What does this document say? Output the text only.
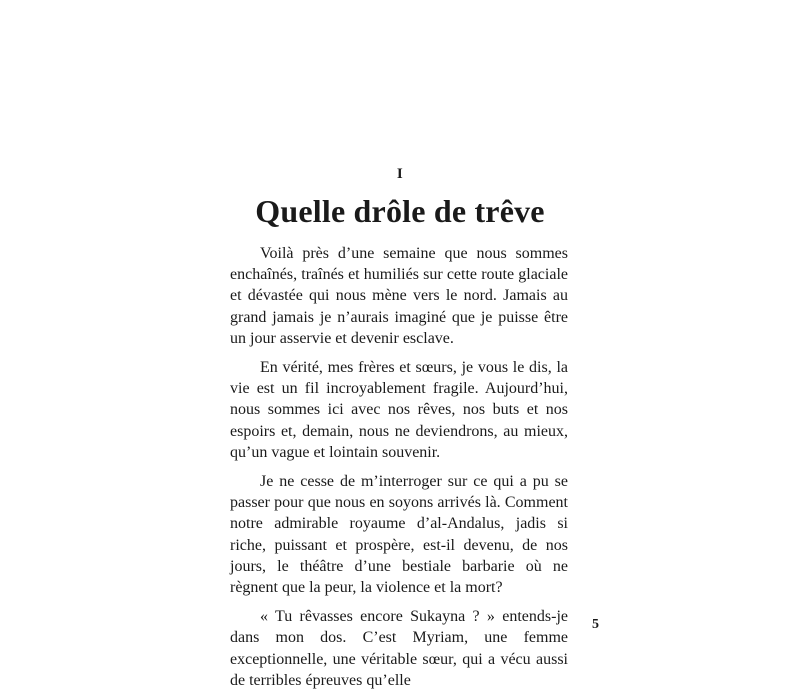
I
Quelle drôle de trêve

Voilà près d’une semaine que nous sommes enchaînés, traînés et humiliés sur cette route glaciale et dévastée qui nous mène vers le nord. Jamais au grand jamais je n’aurais imaginé que je puisse être un jour asservie et devenir esclave.

En vérité, mes frères et sœurs, je vous le dis, la vie est un fil incroyablement fragile. Aujourd’hui, nous sommes ici avec nos rêves, nos buts et nos espoirs et, demain, nous ne deviendrons, au mieux, qu’un vague et lointain souvenir.

Je ne cesse de m’interroger sur ce qui a pu se passer pour que nous en soyons arrivés là. Comment notre admirable royaume d’al-Andalus, jadis si riche, puissant et prospère, est-il devenu, de nos jours, le théâtre d’une bestiale barbarie où ne règnent que la peur, la violence et la mort?

« Tu rêvasses encore Sukayna ? » entends-je dans mon dos. C’est Myriam, une femme exceptionnelle, une véritable sœur, qui a vécu aussi de terribles épreuves qu’elle

5
